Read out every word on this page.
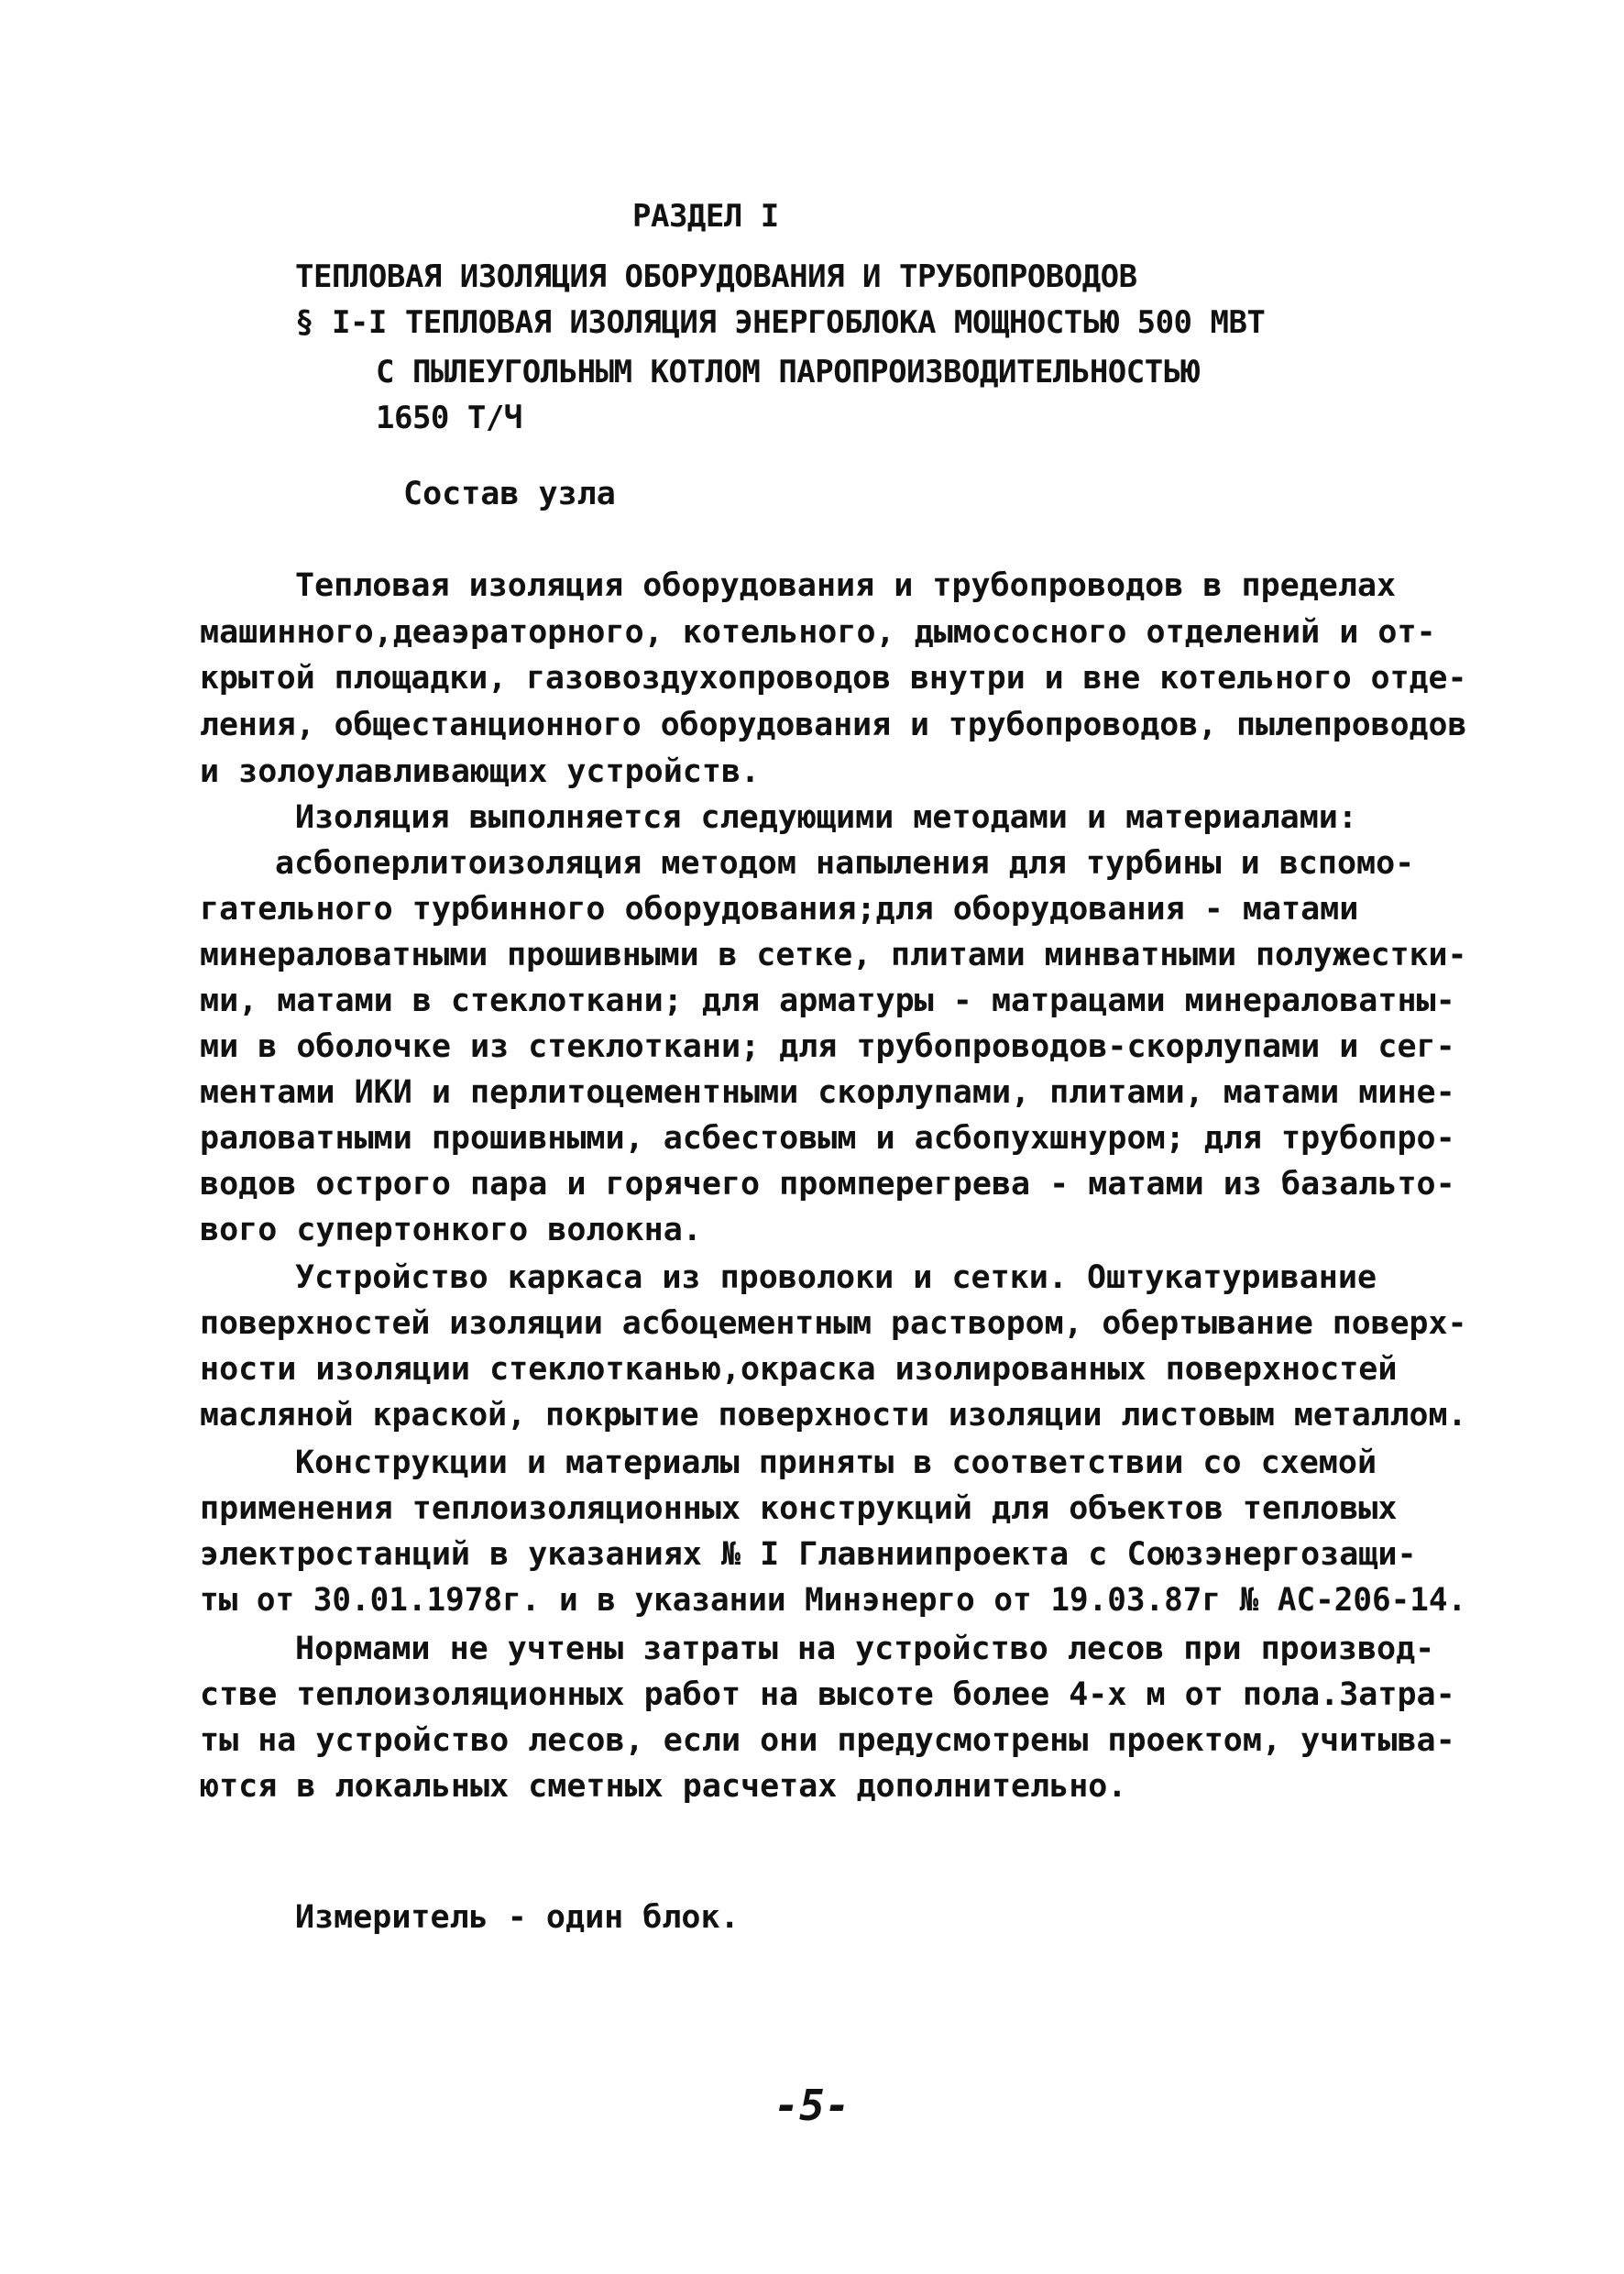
РАЗДЕЛ I
ТЕПЛОВАЯ ИЗОЛЯЦИЯ ОБОРУДОВАНИЯ И ТРУБОПРОВОДОВ
§ I-I ТЕПЛОВАЯ ИЗОЛЯЦИЯ ЭНЕРГОБЛОКА МОЩНОСТЬЮ 500 МВТ
С ПЫЛЕУГОЛЬНЫМ КОТЛОМ ПАРОПРОИЗВОДИТЕЛЬНОСТЬЮ
1650 Т/Ч
Состав узла
Тепловая изоляция оборудования и трубопроводов в пределах
машинного,деаэраторного, котельного, дымососного отделений и от-
крытой площадки, газовоздухопроводов внутри и вне котельного отде-
ления, общестанционного оборудования и трубопроводов, пылепроводов
и золоулавливающих устройств.
Изоляция выполняется следующими методами и материалами:
асбоперлитоизоляция методом напыления для турбины и вспомо-
гательного турбинного оборудования;для оборудования - матами
минераловатными прошивными в сетке, плитами минватными полужестки-
ми, матами в стеклоткани; для арматуры - матрацами минераловатны-
ми в оболочке из стеклоткани; для трубопроводов-скорлупами и сег-
ментами ИКИ и перлитоцементными скорлупами, плитами, матами мине-
раловатными прошивными, асбестовым и асбопухшнуром; для трубопро-
водов острого пара и горячего промперегрева - матами из базальто-
вого супертонкого волокна.
Устройство каркаса из проволоки и сетки. Оштукатуривание
поверхностей изоляции асбоцементным раствором, обертывание поверх-
ности изоляции стеклотканью,окраска изолированных поверхностей
масляной краской, покрытие поверхности изоляции листовым металлом.
Конструкции и материалы приняты в соответствии со схемой
применения теплоизоляционных конструкций для объектов тепловых
электростанций в указаниях № I Главниипроекта с Союзэнергозащи-
ты от 30.01.1978г. и в указании Минэнерго от 19.03.87г № АС-206-14.
Нормами не учтены затраты на устройство лесов при производ-
стве теплоизоляционных работ на высоте более 4-х м от пола.Затра-
ты на устройство лесов, если они предусмотрены проектом, учитыва-
ются в локальных сметных расчетах дополнительно.
Измеритель - один блок.
-5-
